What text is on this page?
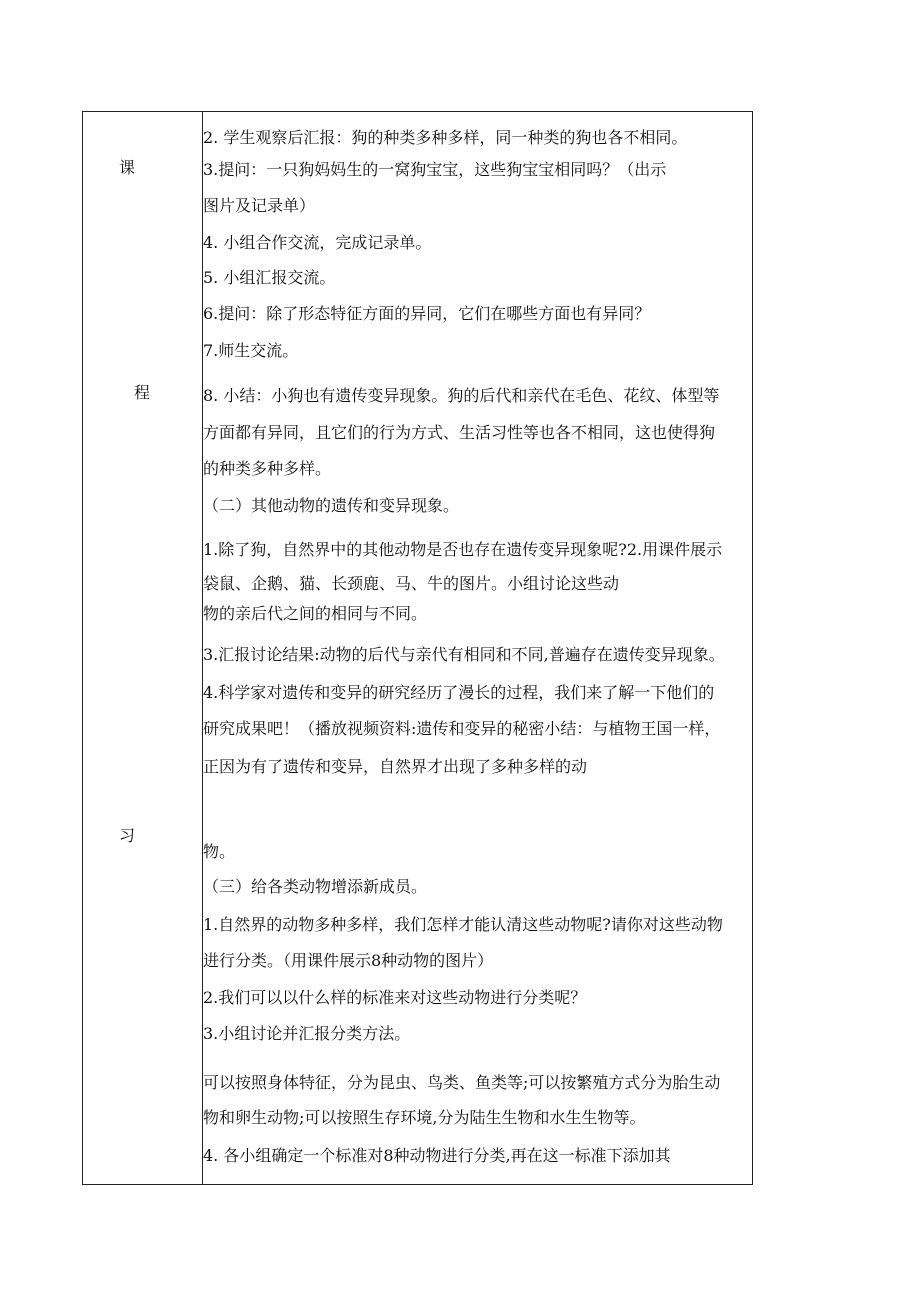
课
程
习
2. 学生观察后汇报：狗的种类多种多样，同一种类的狗也各不相同。
3.提问：一只狗妈妈生的一窝狗宝宝，这些狗宝宝相同吗？（出示
图片及记录单）
4. 小组合作交流，完成记录单。
5. 小组汇报交流。
6.提问：除了形态特征方面的异同，它们在哪些方面也有异同？
7.师生交流。
8. 小结：小狗也有遗传变异现象。狗的后代和亲代在毛色、花纹、体型等
方面都有异同，且它们的行为方式、生活习性等也各不相同，这也使得狗
的种类多种多样。
（二）其他动物的遗传和变异现象。
1.除了狗，自然界中的其他动物是否也存在遗传变异现象呢?2.用课件展示
袋鼠、企鹅、猫、长颈鹿、马、牛的图片。小组讨论这些动
物的亲后代之间的相同与不同。
3.汇报讨论结果:动物的后代与亲代有相同和不同,普遍存在遗传变异现象。
4.科学家对遗传和变异的研究经历了漫长的过程，我们来了解一下他们的
研究成果吧！（播放视频资料:遗传和变异的秘密小结：与植物王国一样，
正因为有了遗传和变异，自然界才出现了多种多样的动
物。
（三）给各类动物增添新成员。
1.自然界的动物多种多样，我们怎样才能认清这些动物呢?请你对这些动物
进行分类。（用课件展示8种动物的图片）
2.我们可以以什么样的标准来对这些动物进行分类呢？
3.小组讨论并汇报分类方法。
可以按照身体特征，分为昆虫、鸟类、鱼类等;可以按繁殖方式分为胎生动
物和卵生动物;可以按照生存环境,分为陆生生物和水生生物等。
4. 各小组确定一个标准对8种动物进行分类,再在这一标准下添加其
